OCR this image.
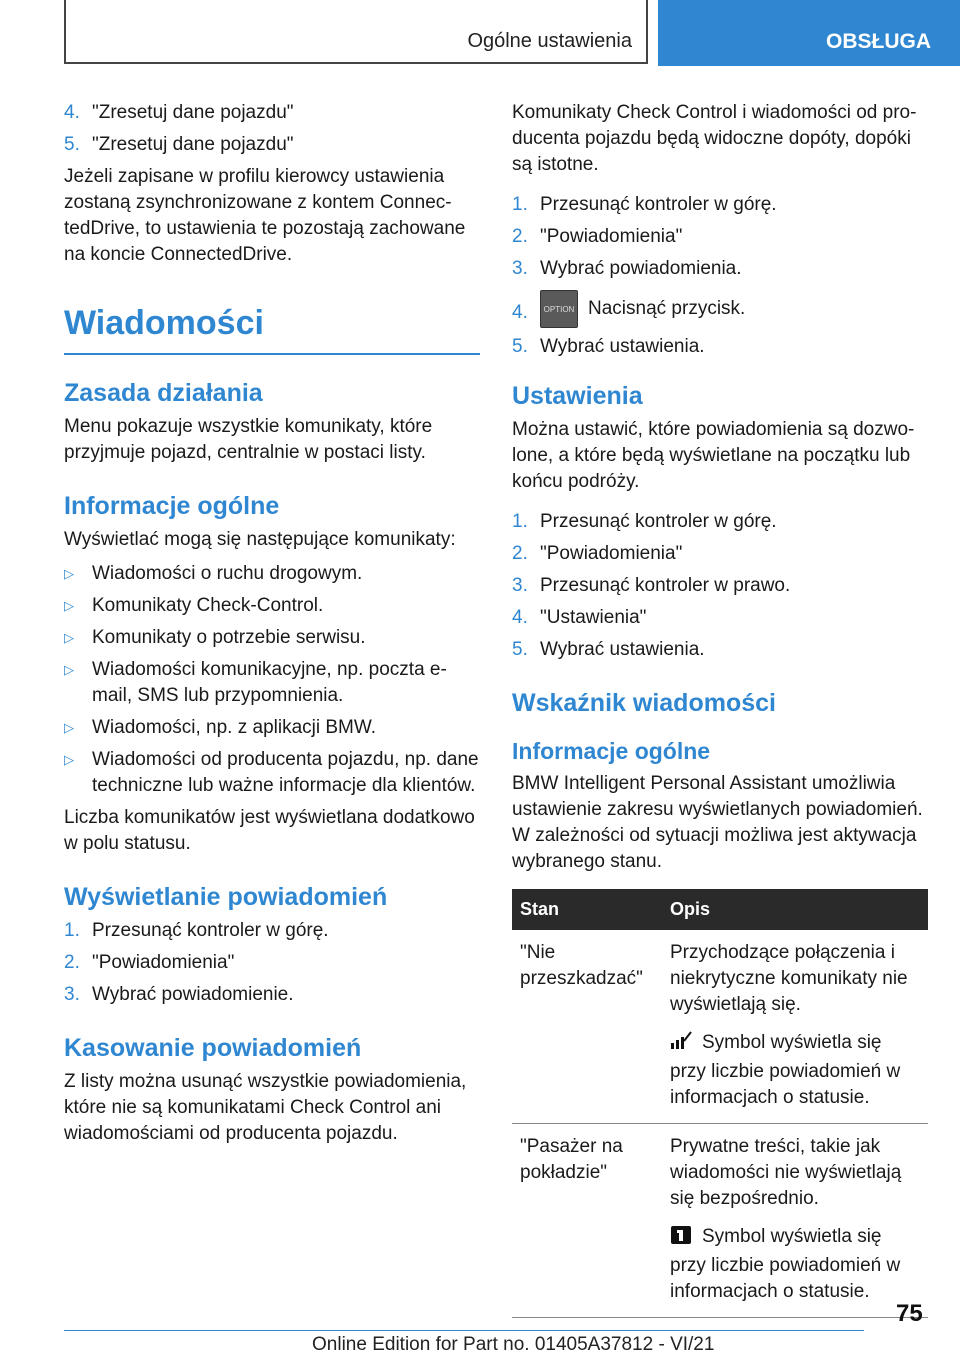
Ogólne ustawienia	OBSŁUGA
4. "Zresetuj dane pojazdu"
5. "Zresetuj dane pojazdu"

Jeżeli zapisane w profilu kierowcy ustawienia zostaną zsynchronizowane z kontem ConnectedDrive, to ustawienia te pozostają zachowane na koncie ConnectedDrive.

Wiadomości
Zasada działania

Menu pokazuje wszystkie komunikaty, które przyjmuje pojazd, centralnie w postaci listy.

Informacje ogólne

Wyświetlać mogą się następujące komunikaty:

▷ Wiadomości o ruchu drogowym.
▷ Komunikaty Check-Control.
▷ Komunikaty o potrzebie serwisu.
▷ Wiadomości komunikacyjne, np. poczta e-mail, SMS lub przypomnienia.
▷ Wiadomości, np. z aplikacji BMW.
▷ Wiadomości od producenta pojazdu, np. dane techniczne lub ważne informacje dla klientów.

Liczba komunikatów jest wyświetlana dodatkowo w polu statusu.

Wyświetlanie powiadomień
1. Przesunąć kontroler w górę.
2. "Powiadomienia"
3. Wybrać powiadomienie.
Kasowanie powiadomień

Z listy można usunąć wszystkie powiadomienia, które nie są komunikatami Check Control ani wiadomościami od producenta pojazdu.

Komunikaty Check Control i wiadomości od producenta pojazdu będą widoczne dopóty, dopóki są istotne.

1. Przesunąć kontroler w górę.
2. "Powiadomienia"
3. Wybrać powiadomienia.
4. OPTION Nacisnąć przycisk.
5. Wybrać ustawienia.
Ustawienia

Można ustawić, które powiadomienia są dozwolone, a które będą wyświetlane na początku lub końcu podróży.

1. Przesunąć kontroler w górę.
2. "Powiadomienia"
3. Przesunąć kontroler w prawo.
4. "Ustawienia"
5. Wybrać ustawienia.
Wskaźnik wiadomości
Informacje ogólne

BMW Intelligent Personal Assistant umożliwia ustawienie zakresu wyświetlanych powiadomień. W zależności od sytuacji możliwa jest aktywacja wybranego stanu.

Stan	Opis
"Nie przeszkadzać"	Przychodzące połączenia i niekrytyczne komunikaty nie wyświetlają się.
Symbol wyświetla się przy liczbie powiadomień w informacjach o statusie.

"Pasażer na pokładzie"	Prywatne treści, takie jak wiadomości nie wyświetlają się bezpośrednio.
Symbol wyświetla się przy liczbie powiadomień w informacjach o statusie.
75
Online Edition for Part no. 01405A37812 - VI/21
